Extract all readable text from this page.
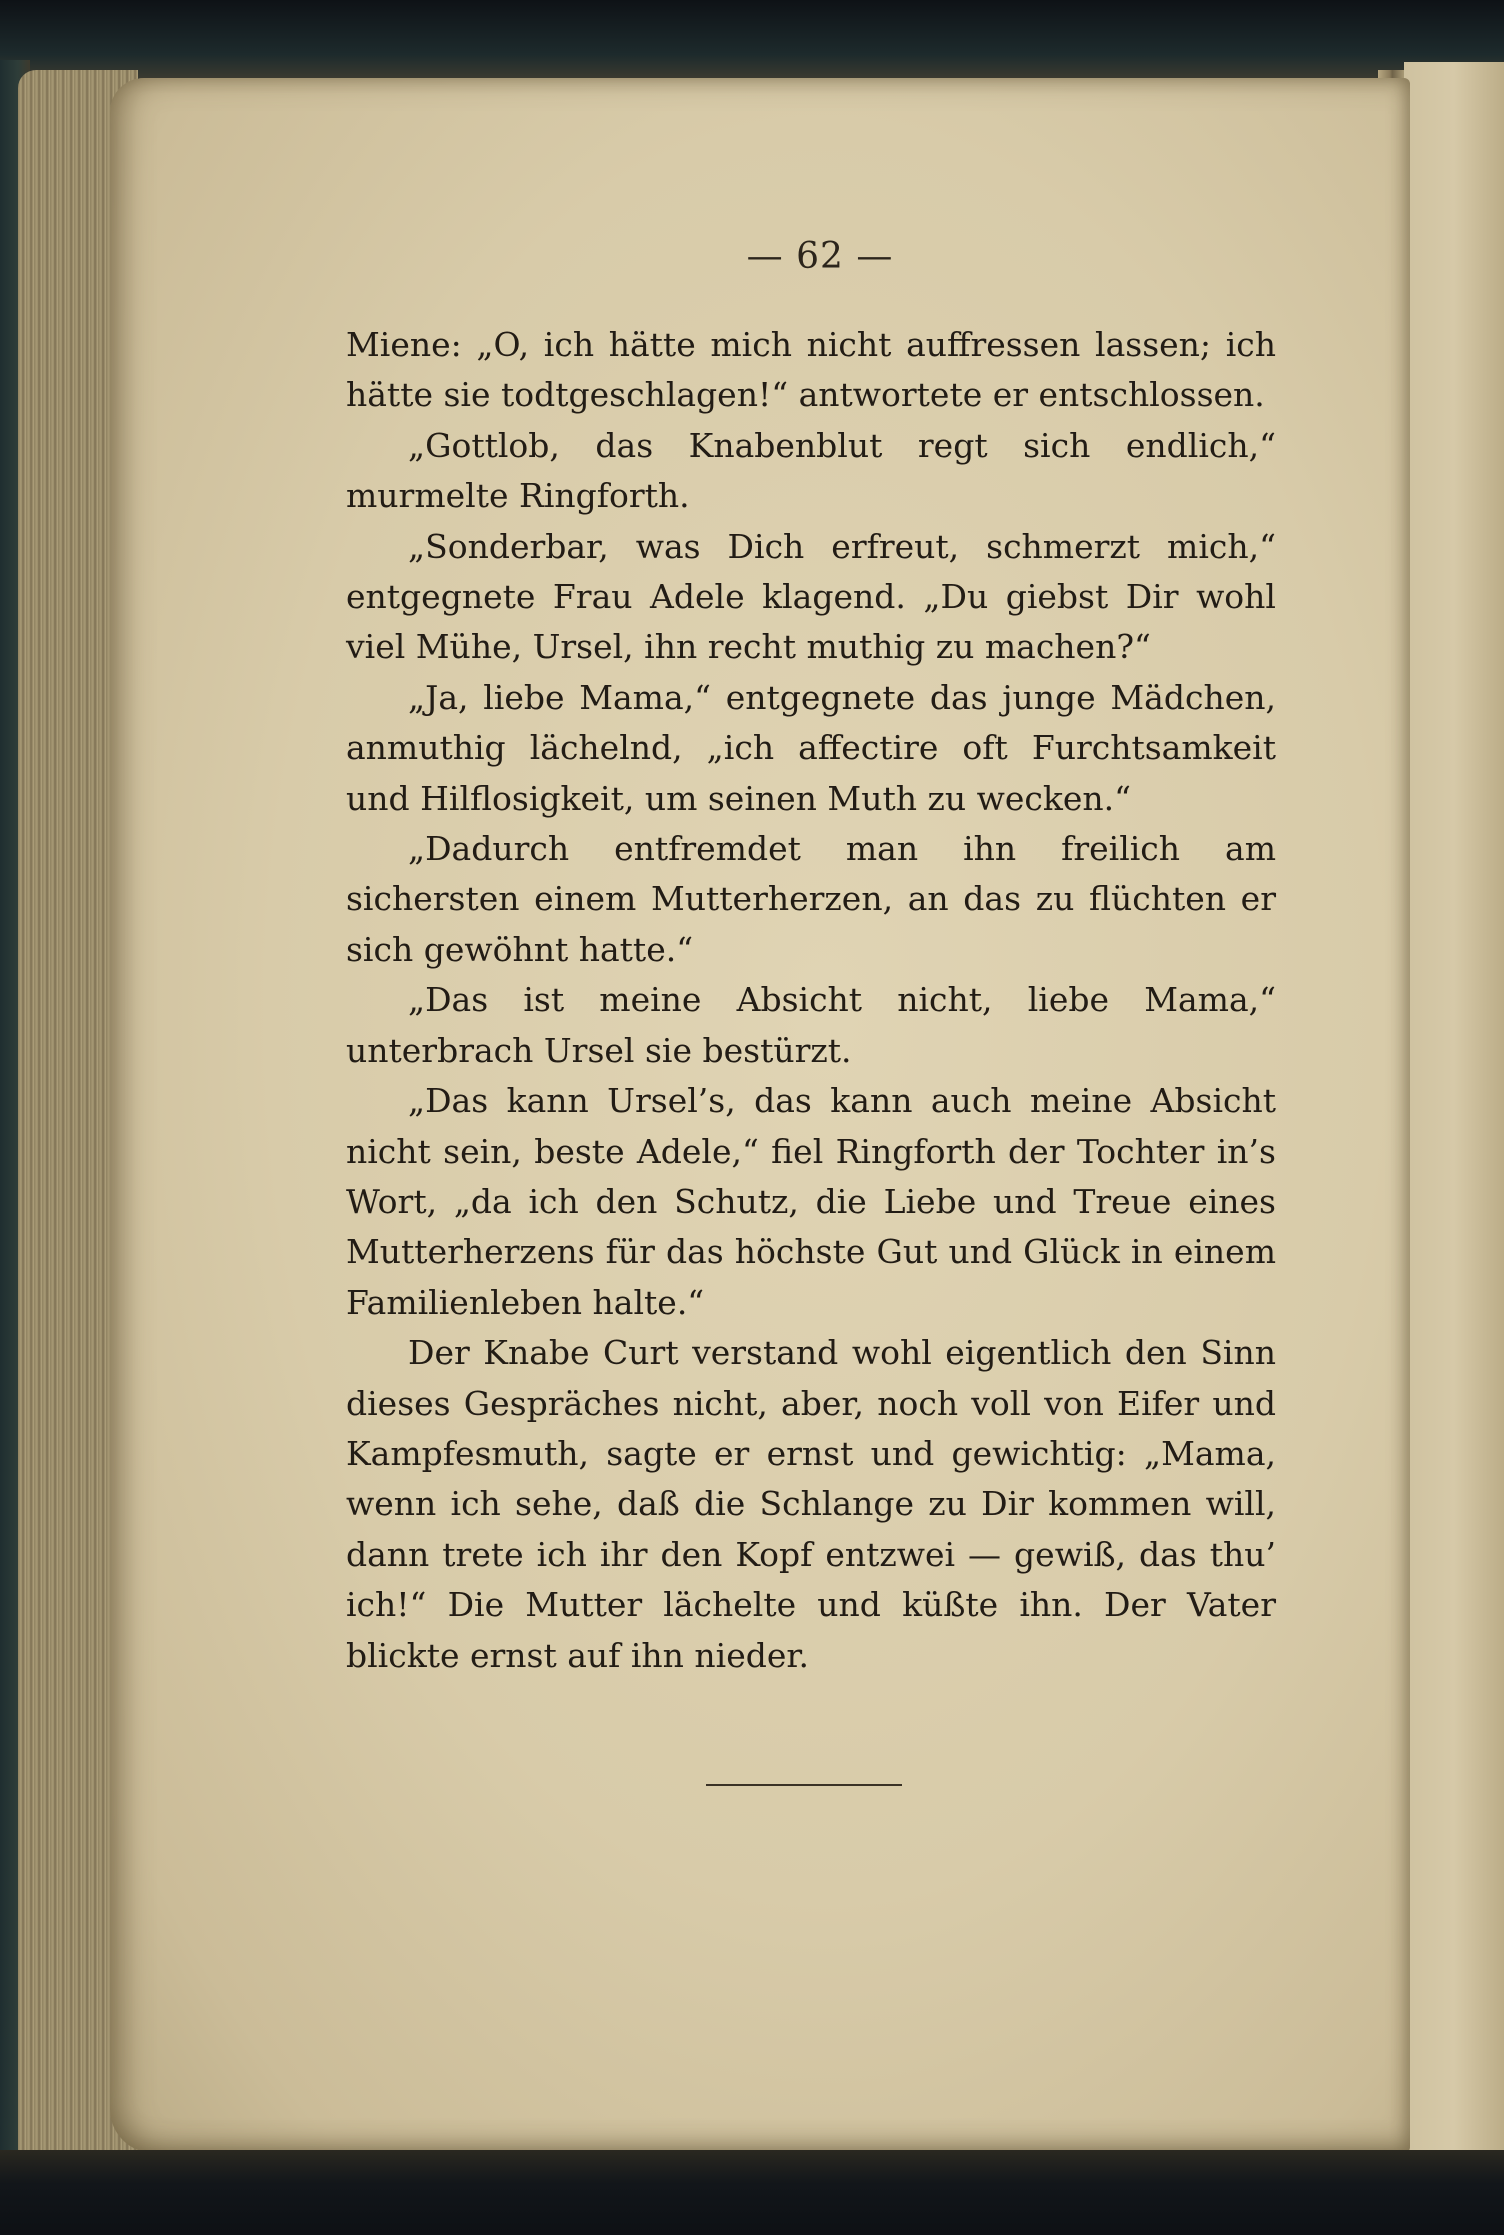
— 62 —

Miene: „O, ich hätte mich nicht auffressen lassen; ich hätte sie todtgeschlagen!“ antwortete er entschlossen.

„Gottlob, das Knabenblut regt sich endlich,“ murmelte Ringforth.

„Sonderbar, was Dich erfreut, schmerzt mich,“ entgegnete Frau Adele klagend. „Du giebst Dir wohl viel Mühe, Ursel, ihn recht muthig zu machen?“

„Ja, liebe Mama,“ entgegnete das junge Mädchen, anmuthig lächelnd, „ich affectire oft Furchtsamkeit und Hilflosigkeit, um seinen Muth zu wecken.“

„Dadurch entfremdet man ihn freilich am sichersten einem Mutterherzen, an das zu flüchten er sich gewöhnt hatte.“

„Das ist meine Absicht nicht, liebe Mama,“ unterbrach Ursel sie bestürzt.

„Das kann Ursel’s, das kann auch meine Absicht nicht sein, beste Adele,“ fiel Ringforth der Tochter in’s Wort, „da ich den Schutz, die Liebe und Treue eines Mutterherzens für das höchste Gut und Glück in einem Familienleben halte.“

Der Knabe Curt verstand wohl eigentlich den Sinn dieses Gespräches nicht, aber, noch voll von Eifer und Kampfesmuth, sagte er ernst und gewichtig: „Mama, wenn ich sehe, daß die Schlange zu Dir kommen will, dann trete ich ihr den Kopf entzwei — gewiß, das thu’ ich!“ Die Mutter lächelte und küßte ihn. Der Vater blickte ernst auf ihn nieder.
